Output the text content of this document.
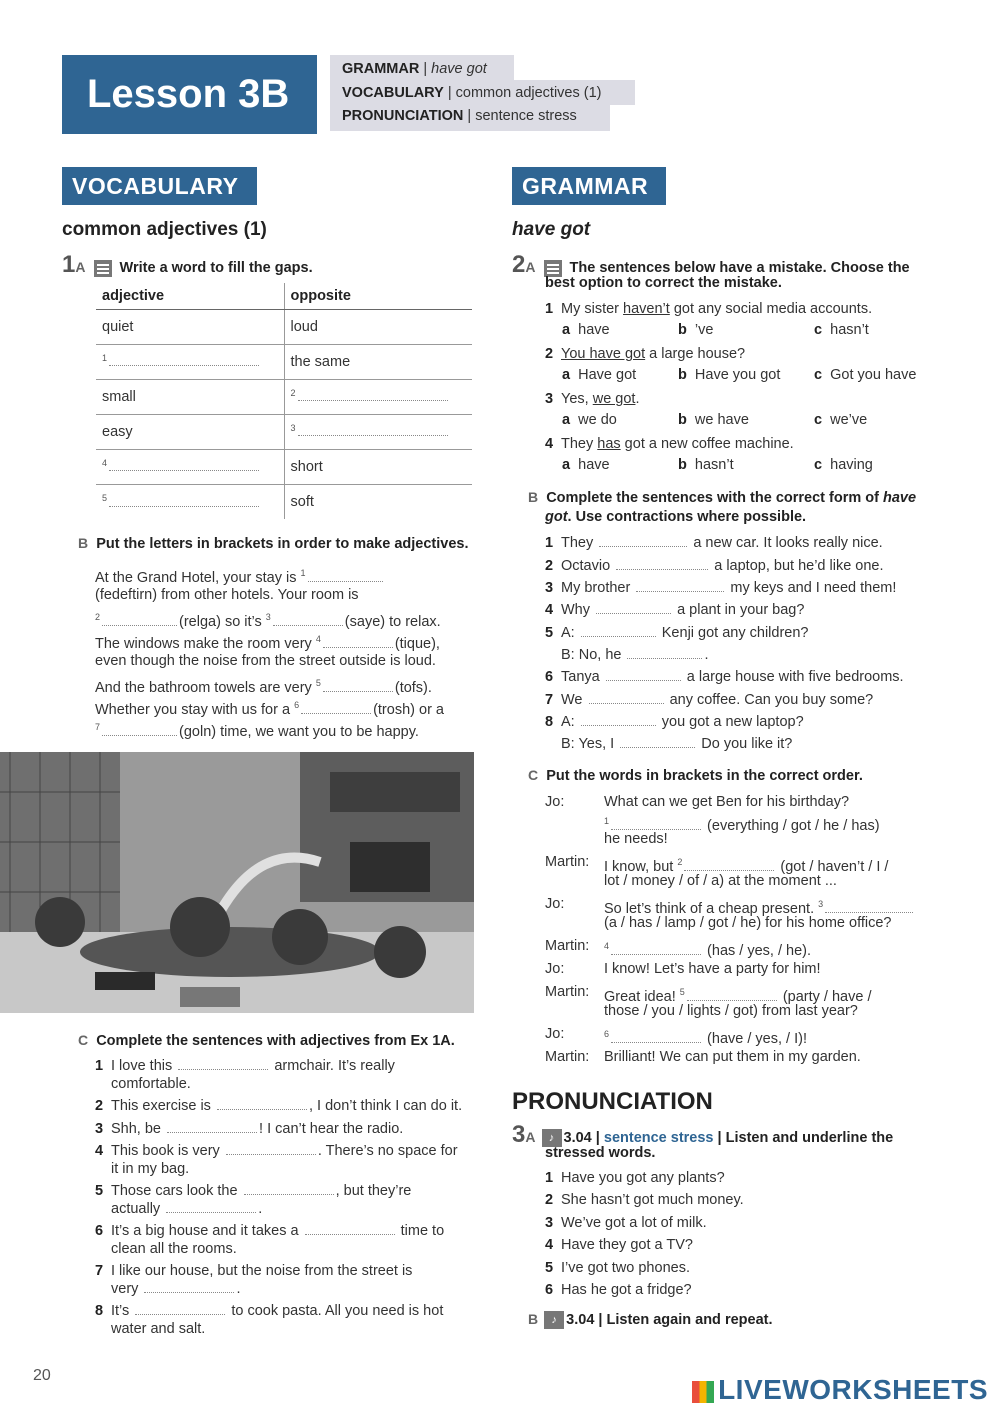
Lesson 3B
GRAMMAR | have got
VOCABULARY | common adjectives (1)
PRONUNCIATION | sentence stress
VOCABULARY
common adjectives (1)
1A Write a word to fill the gaps.
adjective	opposite
quiet	loud
$^1$	the same
small	$^2$
easy	$^3$
$^4$	short
$^5$	soft
B Put the letters in brackets in order to make adjectives.
At the Grand Hotel, your stay is $^1$
(fedeftirn) from other hotels. Your room is
$^2$	(relga) so it’s $^3$	(saye) to relax.
The windows make the room very $^4$	(tique),
even though the noise from the street outside is loud.
And the bathroom towels are very $^5$	(tofs).
Whether you stay with us for a $^6$	(trosh) or a
$^7$	(goln) time, we want you to be happy.
C Complete the sentences with adjectives from Ex 1A.
1 I love this	armchair. It’s really
comfortable.
2 This exercise is	, I don’t think I can do it.
3 Shh, be	! I can’t hear the radio.
4 This book is very	. There’s no space for
it in my bag.
5 Those cars look the	, but they’re
actually	.
6 It’s a big house and it takes a	time to
clean all the rooms.
7 I like our house, but the noise from the street is
very	.
8 It’s	to cook pasta. All you need is hot
water and salt.
GRAMMAR
have got
2A The sentences below have a mistake. Choose the
best option to correct the mistake.
1 My sister haven’t got any social media accounts.
a have	b ’ve	c hasn’t
2 You have got a large house?
a Have got	b Have you got c Got you have
3 Yes, we got.
a we do	b we have	c we’ve
4 They has got a new coffee machine.
a have	b hasn’t	c having
B Complete the sentences with the correct form of have
got. Use contractions where possible.
1 They	a new car. It looks really nice.
2 Octavio	a laptop, but he’d like one.
3 My brother	my keys and I need them!
4 Why	a plant in your bag?
5 A:	Kenji got any children?
B: No, he	.
6 Tanya	a large house with five bedrooms.
7 We	any coffee. Can you buy some?
8 A:	you got a new laptop?
B: Yes, I	Do you like it?
C Put the words in brackets in the correct order.
Jo:	What can we get Ben for his birthday?
$^1$	(everything / got / he / has)
he needs!
Martin: I know, but $^2$	(got / haven’t / I /
lot / money / of / a) at the moment ...
Jo:	So let’s think of a cheap present. $^3$
(a / has / lamp / got / he) for his home office?
Martin: $^4$	(has / yes, / he).
Jo:	I know! Let’s have a party for him!
Martin: Great idea! $^5$	(party / have /
those / you / lights / got) from last year?
Jo:	$^6$	(have / yes, / I)!
Martin: Brilliant! We can put them in my garden.
PRONUNCIATION
3A ♪ 3.04 | sentence stress | Listen and underline the
stressed words.
1 Have you got any plants?
2 She hasn’t got much money.
3 We’ve got a lot of milk.
4 Have they got a TV?
5 I’ve got two phones.
6 Has he got a fridge?
B ♪ 3.04 | Listen again and repeat.
20	LIVEWORKSHEETS
